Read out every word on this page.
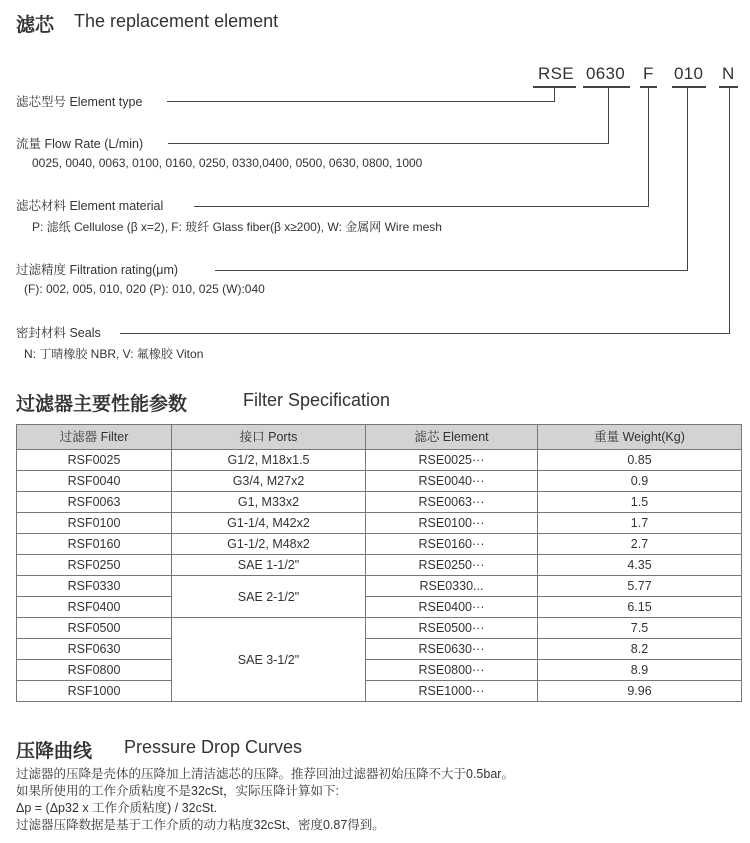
滤芯 The replacement element
RSE 0630 F 010 N
滤芯型号 Element type
流量 Flow Rate (L/min)
0025, 0040, 0063, 0100, 0160, 0250, 0330,0400, 0500, 0630, 0800, 1000
滤芯材料 Element material
P: 滤纸 Cellulose (β x=2), F: 玻纤 Glass fiber(β x≥200), W: 金属网 Wire mesh
过滤精度 Filtration rating(μm)
(F): 002, 005, 010, 020 (P): 010, 025 (W):040
密封材料 Seals
N: 丁晴橡胶 NBR, V: 氟橡胶 Viton
过滤器主要性能参数	Filter Specification
过滤器 Filter	接口 Ports	滤芯 Element	重量 Weight(Kg)
RSF0025	G1/2, M18x1.5	RSE0025···	0.85
RSF0040	G3/4, M27x2	RSE0040···	0.9
RSF0063	G1, M33x2	RSE0063···	1.5
RSF0100	G1-1/4, M42x2	RSE0100···	1.7
RSF0160	G1-1/2, M48x2	RSE0160···	2.7
RSF0250	SAE 1-1/2"	RSE0250···	4.35
RSF0330	SAE 2-1/2"	RSE0330...	5.77
RSF0400		RSE0400···	6.15
RSF0500	SAE 3-1/2"	RSE0500···	7.5
RSF0630		RSE0630···	8.2
RSF0800		RSE0800···	8.9
RSF1000		RSE1000···	9.96
压降曲线 Pressure Drop Curves
过滤器的压降是壳体的压降加上清洁滤芯的压降。推荐回油过滤器初始压降不大于0.5bar。
如果所使用的工作介质粘度不是32cSt，实际压降计算如下:
Δp = (Δp32 x 工作介质粘度) / 32cSt.
过滤器压降数据是基于工作介质的动力粘度32cSt、密度0.87得到。
